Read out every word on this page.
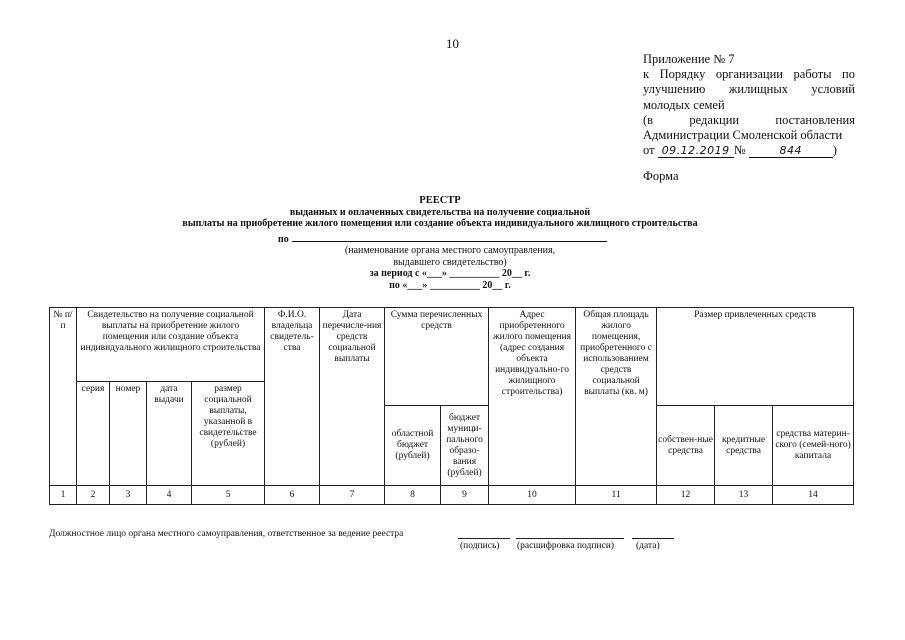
10
Приложение № 7
к Порядку организации работы по
улучшению жилищных условий
молодых семей
(в редакции постановления
Администрации Смоленской области
от 09.12.2019 №	844 )
Форма
РЕЕСТР
выданных и оплаченных свидетельства на получение социальной
выплаты на приобретение жилого помещения или создание объекта индивидуального жилищного строительства
по
(наименование органа местного самоуправления,
выдавшего свидетельство)
за период с «___» __________ 20__ г.
по «___» __________ 20__ г.
№ п/п	Свидетельство на получение социальной выплаты на приобретение жилого помещения или создание объекта индивидуального жилищного строительства				Ф.И.О. владельца свидетель-ства	Дата перечисле-ния средств социальной выплаты	Сумма перечисленных средств		Адрес приобретенного жилого помещения (адрес создания объекта индивидуально-го жилищного строительства)	Общая площадь жилого помещения, приобретенного с использованием средств социальной выплаты (кв. м)	Размер привлеченных средств		
	серия	номер	дата выдачи	размер социальной выплаты, указанной в свидетельстве (рублей)									
							областной бюджет (рублей)	бюджет муници-пального образо-вания (рублей)			собствен-ные средства	кредитные средства	средства материн-ского (семей-ного) капитала
1	2	3	4	5	6	7	8	9	10	11	12	13	14
Должностное лицо органа местного самоуправления, ответственное за ведение реестра
(подпись) (расшифровка подписи) (дата)
